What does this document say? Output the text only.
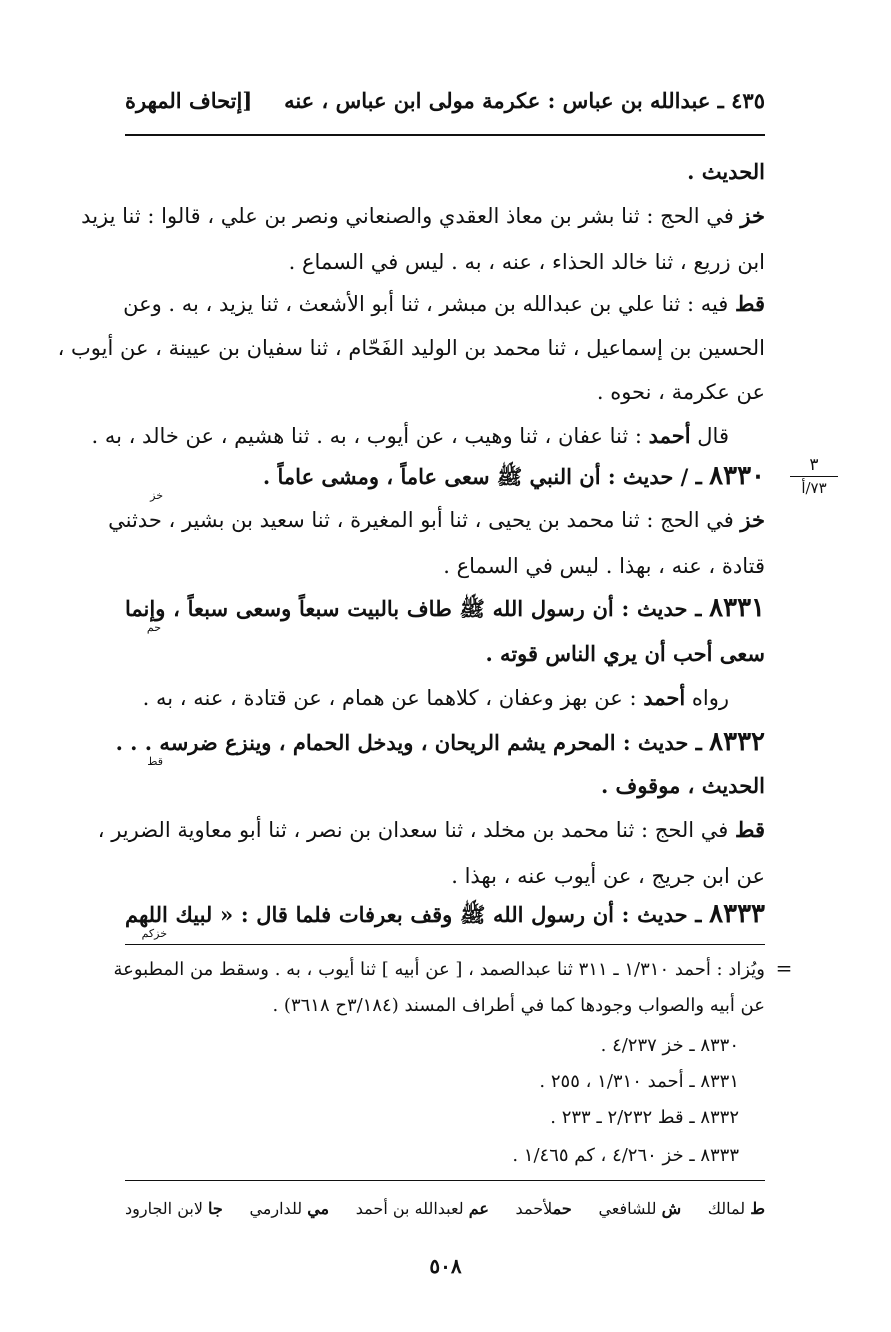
٤٣٥ ـ عبدالله بن عباس : عكرمة مولى ابن عباس ، عنه
[إتحاف المهرة
الحديث .
خز في الحج : ثنا بشر بن معاذ العقدي والصنعاني ونصر بن علي ، قالوا : ثنا يزيد
ابن زريع ، ثنا خالد الحذاء ، عنه ، به . ليس في السماع .
قط فيه : ثنا علي بن عبدالله بن مبشر ، ثنا أبو الأشعث ، ثنا يزيد ، به . وعن
الحسين بن إسماعيل ، ثنا محمد بن الوليد الفَحّام ، ثنا سفيان بن عيينة ، عن أيوب ،
عن عكرمة ، نحوه .
قال أحمد : ثنا عفان ، ثنا وهيب ، عن أيوب ، به . ثنا هشيم ، عن خالد ، به .
٨٣٣٠ ـ / حديث : أن النبي ﷺ سعى عاماً ، ومشى عاماً .
خز
خز في الحج : ثنا محمد بن يحيى ، ثنا أبو المغيرة ، ثنا سعيد بن بشير ، حدثني
قتادة ، عنه ، بهذا . ليس في السماع .
٨٣٣١ ـ حديث : أن رسول الله ﷺ طاف بالبيت سبعاً وسعى سبعاً ، وإنما
حم
سعى أحب أن يري الناس قوته .
رواه أحمد : عن بهز وعفان ، كلاهما عن همام ، عن قتادة ، عنه ، به .
٨٣٣٢ ـ حديث : المحرم يشم الريحان ، ويدخل الحمام ، وينزع ضرسه . . .
قط
الحديث ، موقوف .
قط في الحج : ثنا محمد بن مخلد ، ثنا سعدان بن نصر ، ثنا أبو معاوية الضرير ،
عن ابن جريج ، عن أيوب عنه ، بهذا .
٨٣٣٣ ـ حديث : أن رسول الله ﷺ وقف بعرفات فلما قال : « لبيك اللهم
خزكم
٣
٧٣/أ
=
ويُزاد : أحمد ١/٣١٠ ـ ٣١١ ثنا عبدالصمد ، [ عن أبيه ] ثنا أيوب ، به . وسقط من المطبوعة
عن أبيه والصواب وجودها كما في أطراف المسند (٣/١٨٤ح ٣٦١٨) .
٨٣٣٠ ـ خز ٤/٢٣٧ .
٨٣٣١ ـ أحمد ١/٣١٠ ، ٢٥٥ .
٨٣٣٢ ـ قط ٢/٢٣٢ ـ ٢٣٣ .
٨٣٣٣ ـ خز ٤/٢٦٠ ، كم ١/٤٦٥ .
ط لمالك
ش للشافعي
حملأحمد
عم لعبدالله بن أحمد
مي للدارمي
جا لابن الجارود
٥٠٨
